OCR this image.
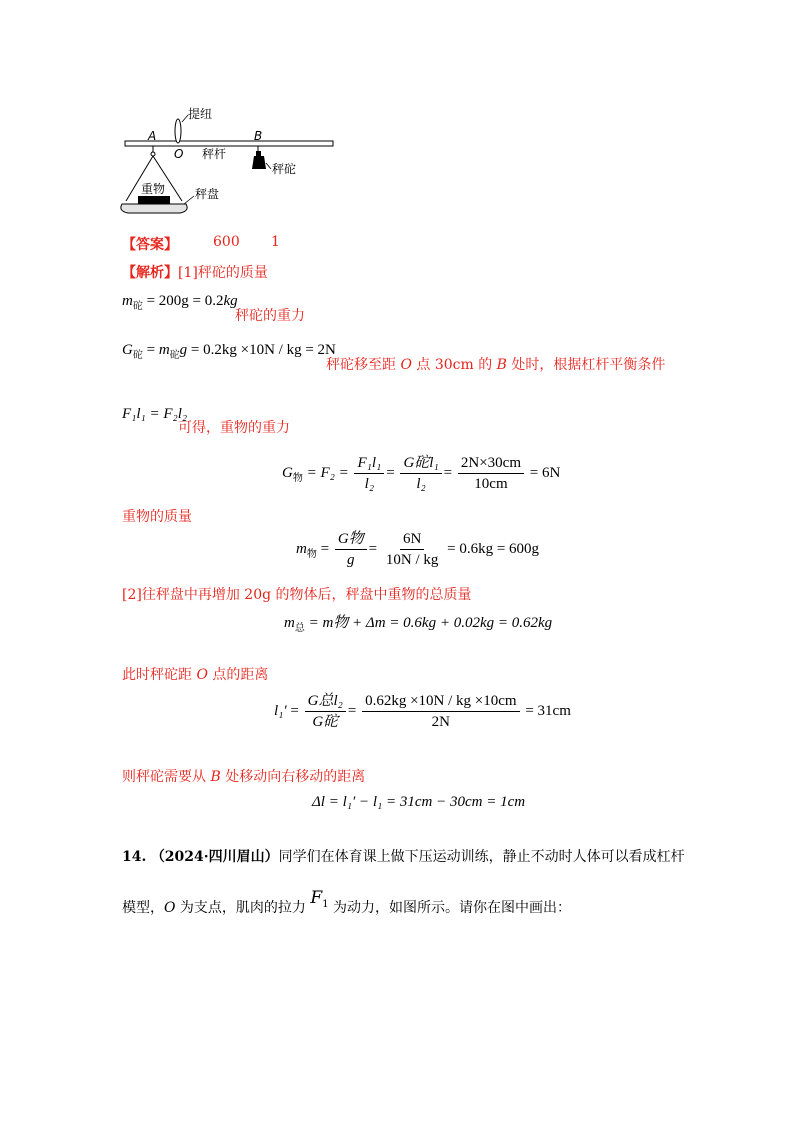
提纽
A
O
B
秤杆
秤砣
重物 秤盘
【答案】	600 1
【解析】[1]秤砣的质量
$m_砣 = 200g = 0.2kg$
秤砣的重力
$G_砣 = m_砣g = 0.2kg \times 10N$ / kg = 2N
秤砣移至距 O 点 30cm 的 B 处时，根据杠杆平衡条件
F₁l₁ = F₂l₂
可得，重物的重力
$G_物 = F_2 = \frac{\text{F₁l₁}}{\text{l₂}} = \frac{\text{G砣l₁}}{\text{l₂}} = \frac{2N\times 30cm}{10cm} = 6N$
重物的质量
$m_物 = \frac{\text{G物}}{g} = \frac{6N}{10N / kg} = 0.6kg = 600g$
[2]往秤盘中再增加 20g 的物体后，秤盘中重物的总质量
$m_总 = m$物 + Δm = 0.6kg + 0.02kg = 0.62kg
此时秤砣距 O 点的距离
$l_1' = \frac{\text{G总l₂}}{\text{G砣}} = \frac{0.62kg \times 10N / kg \times 10cm}{2N} = 31cm$
则秤砣需要从 B 处移动向右移动的距离
Δl = l₁′ − l₁ = 31cm − 30cm = 1cm
14. （2024·四川眉山）同学们在体育课上做下压运动训练，静止不动时人体可以看成杠杆
模型，O 为支点，肌肉的拉力 $F^1$ 为动力，如图所示。请你在图中画出：
